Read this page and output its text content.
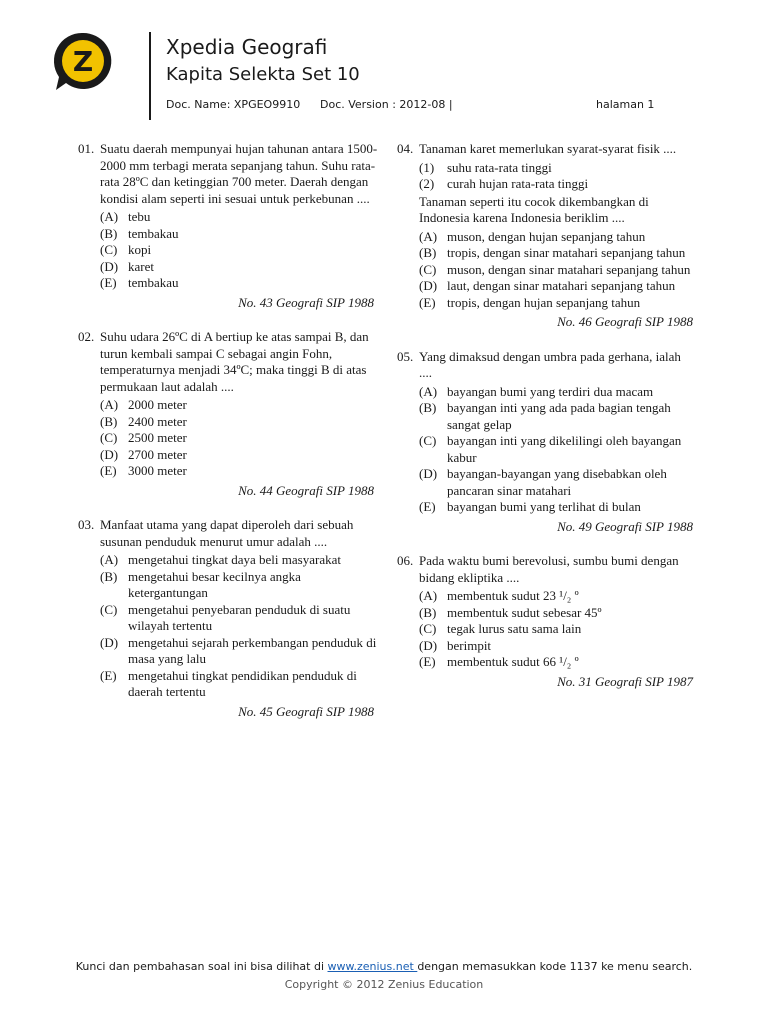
Z	Xpedia Geografi
Kapita Selekta Set 10
Doc. Name: XPGEO9910 Doc. Version : 2012-08 |	halaman 1
01. Suatu daerah mempunyai hujan tahunan antara 1500-2000 mm terbagi merata sepanjang tahun. Suhu rata-rata 28ºC dan ketinggian 700 meter. Daerah dengan kondisi alam seperti ini sesuai untuk perkebunan ....
(A) tebu
(B) tembakau
(C) kopi
(D) karet
(E) tembakau
No. 43 Geografi SIP 1988
02. Suhu udara 26ºC di A bertiup ke atas sampai B, dan turun kembali sampai C sebagai angin Fohn, temperaturnya menjadi 34ºC; maka tinggi B di atas permukaan laut adalah ....
(A) 2000 meter
(B) 2400 meter
(C) 2500 meter
(D) 2700 meter
(E) 3000 meter
No. 44 Geografi SIP 1988
03. Manfaat utama yang dapat diperoleh dari sebuah susunan penduduk menurut umur adalah ....
(A) mengetahui tingkat daya beli masyarakat
(B) mengetahui besar kecilnya angka ketergantungan
(C) mengetahui penyebaran penduduk di suatu wilayah tertentu
(D) mengetahui sejarah perkembangan penduduk di masa yang lalu
(E) mengetahui tingkat pendidikan penduduk di daerah tertentu
No. 45 Geografi SIP 1988
04. Tanaman karet memerlukan syarat-syarat fisik ....
(1) suhu rata-rata tinggi
(2) curah hujan rata-rata tinggi
Tanaman seperti itu cocok dikembangkan di Indonesia karena Indonesia beriklim ....
(A) muson, dengan hujan sepanjang tahun
(B) tropis, dengan sinar matahari sepanjang tahun
(C) muson, dengan sinar matahari sepanjang tahun
(D) laut, dengan sinar matahari sepanjang tahun
(E) tropis, dengan hujan sepanjang tahun
No. 46 Geografi SIP 1988
05. Yang dimaksud dengan umbra pada gerhana, ialah ....
(A) bayangan bumi yang terdiri dua macam
(B) bayangan inti yang ada pada bagian tengah sangat gelap
(C) bayangan inti yang dikelilingi oleh bayangan kabur
(D) bayangan-bayangan yang disebabkan oleh pancaran sinar matahari
(E) bayangan bumi yang terlihat di bulan
No. 49 Geografi SIP 1988
06. Pada waktu bumi berevolusi, sumbu bumi dengan bidang ekliptika ....
(A) membentuk sudut 23 ¹/₂ º
(B) membentuk sudut sebesar 45º
(C) tegak lurus satu sama lain
(D) berimpit
(E) membentuk sudut 66 ¹/₂ º
No. 31 Geografi SIP 1987
Kunci dan pembahasan soal ini bisa dilihat di www.zenius.net dengan memasukkan kode 1137 ke menu search.
Copyright © 2012 Zenius Education
